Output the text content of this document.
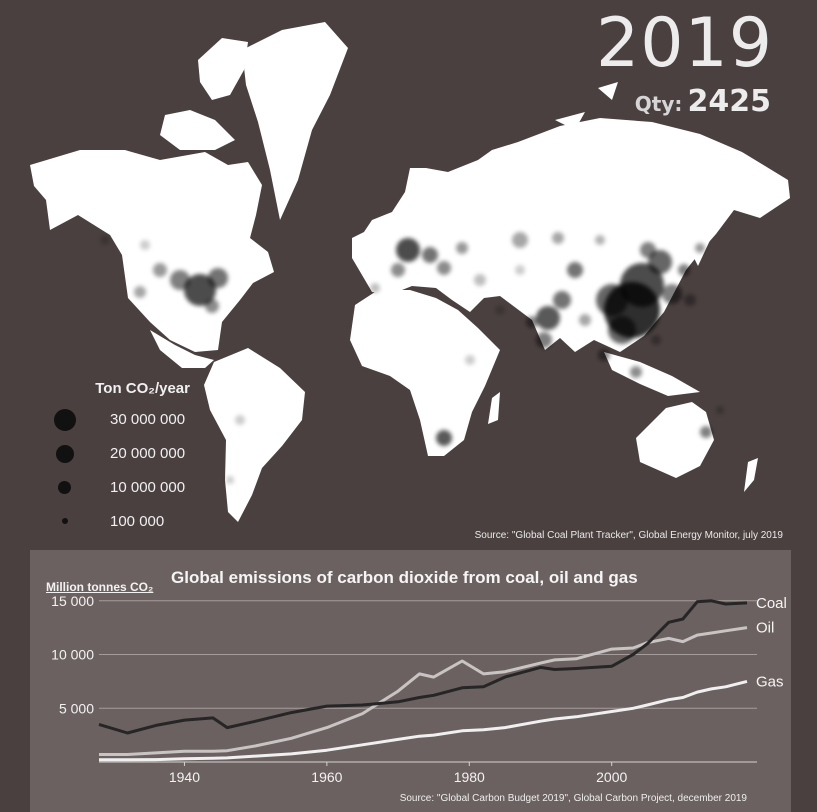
2019
Qty: 2425
Ton CO₂/year
30 000 000
20 000 000
10 000 000
100 000
Source: "Global Coal Plant Tracker", Global Energy Monitor, july 2019
5 000
10 000
15 000
1940	1960	1980	2000
Coal
Oil
Gas
Million tonnes CO₂ Global emissions of carbon dioxide from coal, oil and gas
Source: "Global Carbon Budget 2019", Global Carbon Project, december 2019
